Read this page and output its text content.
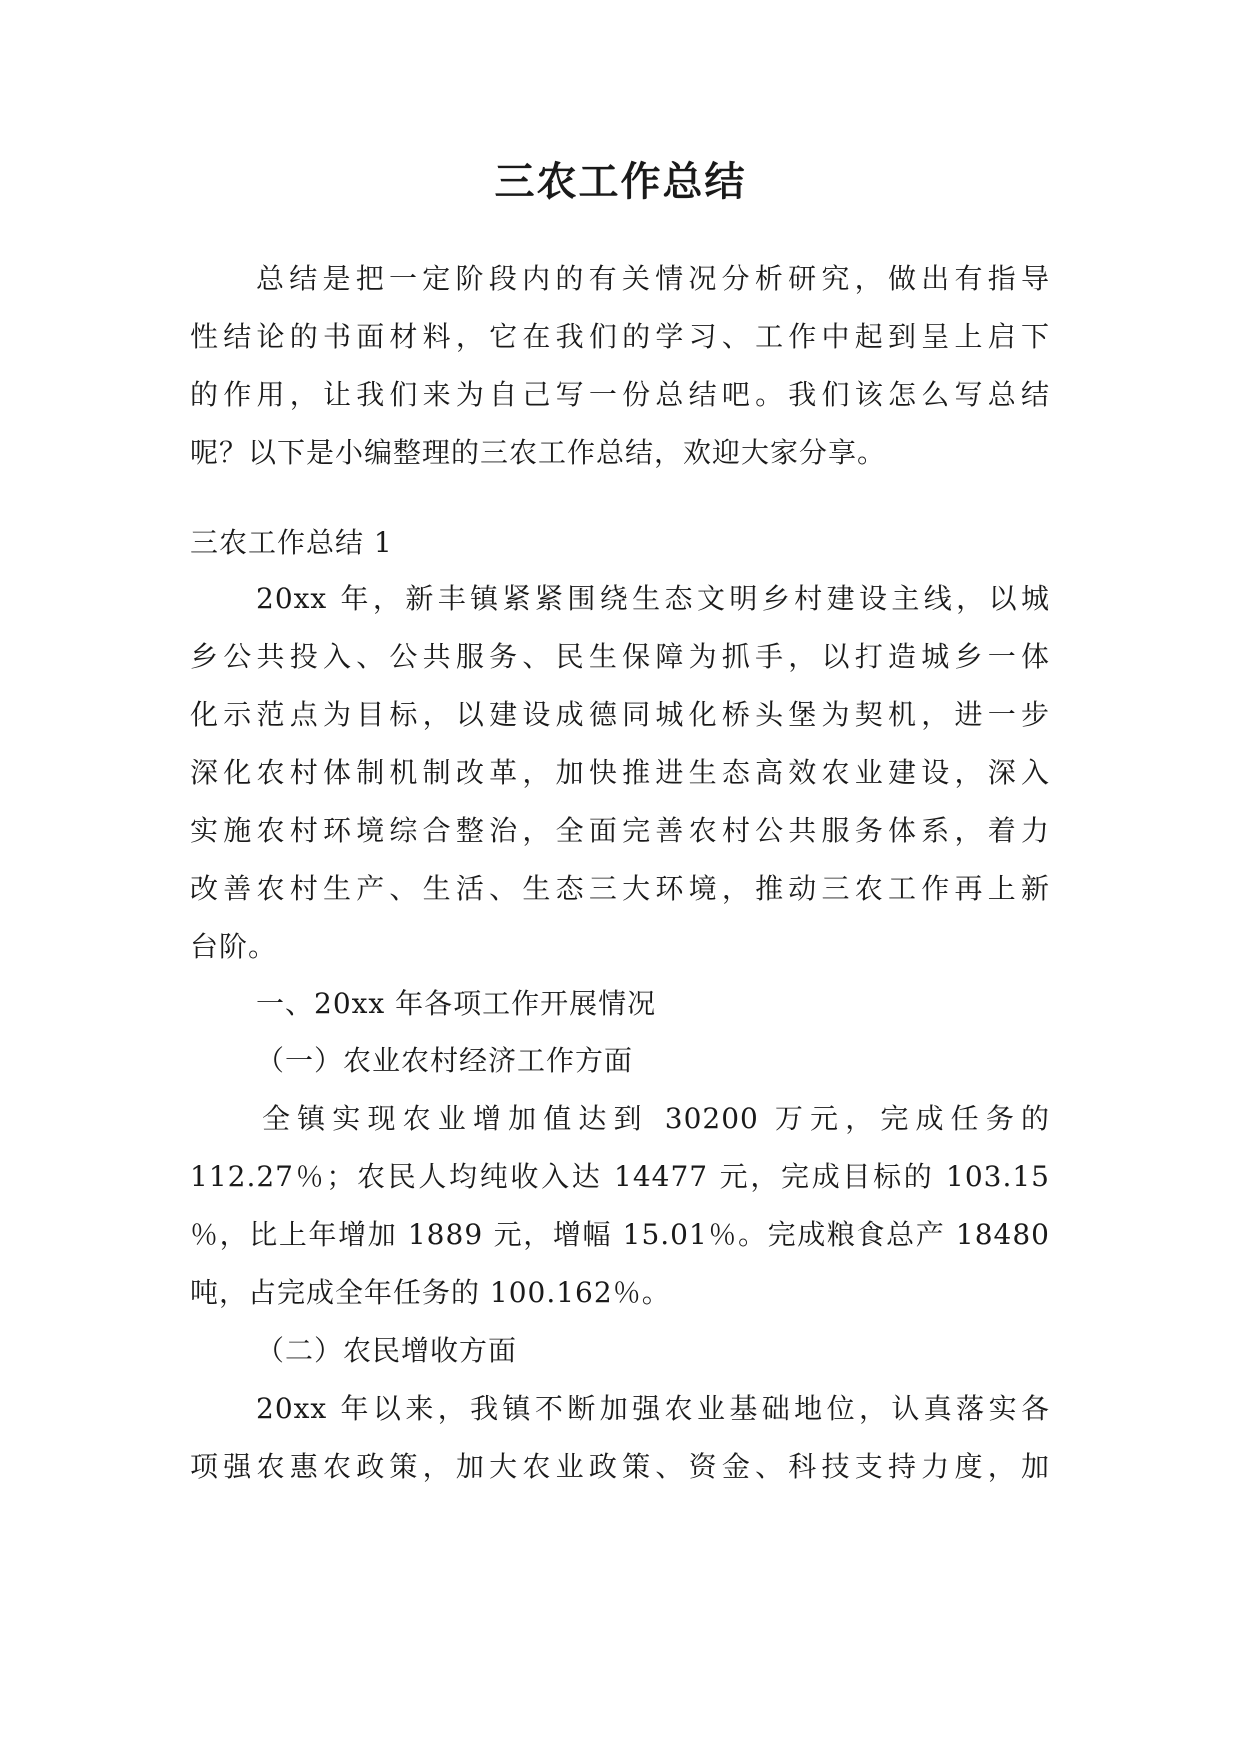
三农工作总结
总结是把一定阶段内的有关情况分析研究，做出有指导
性结论的书面材料，它在我们的学习、工作中起到呈上启下
的作用，让我们来为自己写一份总结吧。我们该怎么写总结
呢？以下是小编整理的三农工作总结，欢迎大家分享。
三农工作总结 1
20xx 年，新丰镇紧紧围绕生态文明乡村建设主线，以城
乡公共投入、公共服务、民生保障为抓手，以打造城乡一体
化示范点为目标，以建设成德同城化桥头堡为契机，进一步
深化农村体制机制改革，加快推进生态高效农业建设，深入
实施农村环境综合整治，全面完善农村公共服务体系，着力
改善农村生产、生活、生态三大环境，推动三农工作再上新
台阶。
一、20xx 年各项工作开展情况
（一）农业农村经济工作方面
全镇实现农业增加值达到 30200 万元，完成任务的
112.27％；农民人均纯收入达 14477 元，完成目标的 103.15
％，比上年增加 1889 元，增幅 15.01％。完成粮食总产 18480
吨，占完成全年任务的 100.162％。
（二）农民增收方面
20xx 年以来，我镇不断加强农业基础地位，认真落实各
项强农惠农政策，加大农业政策、资金、科技支持力度，加
